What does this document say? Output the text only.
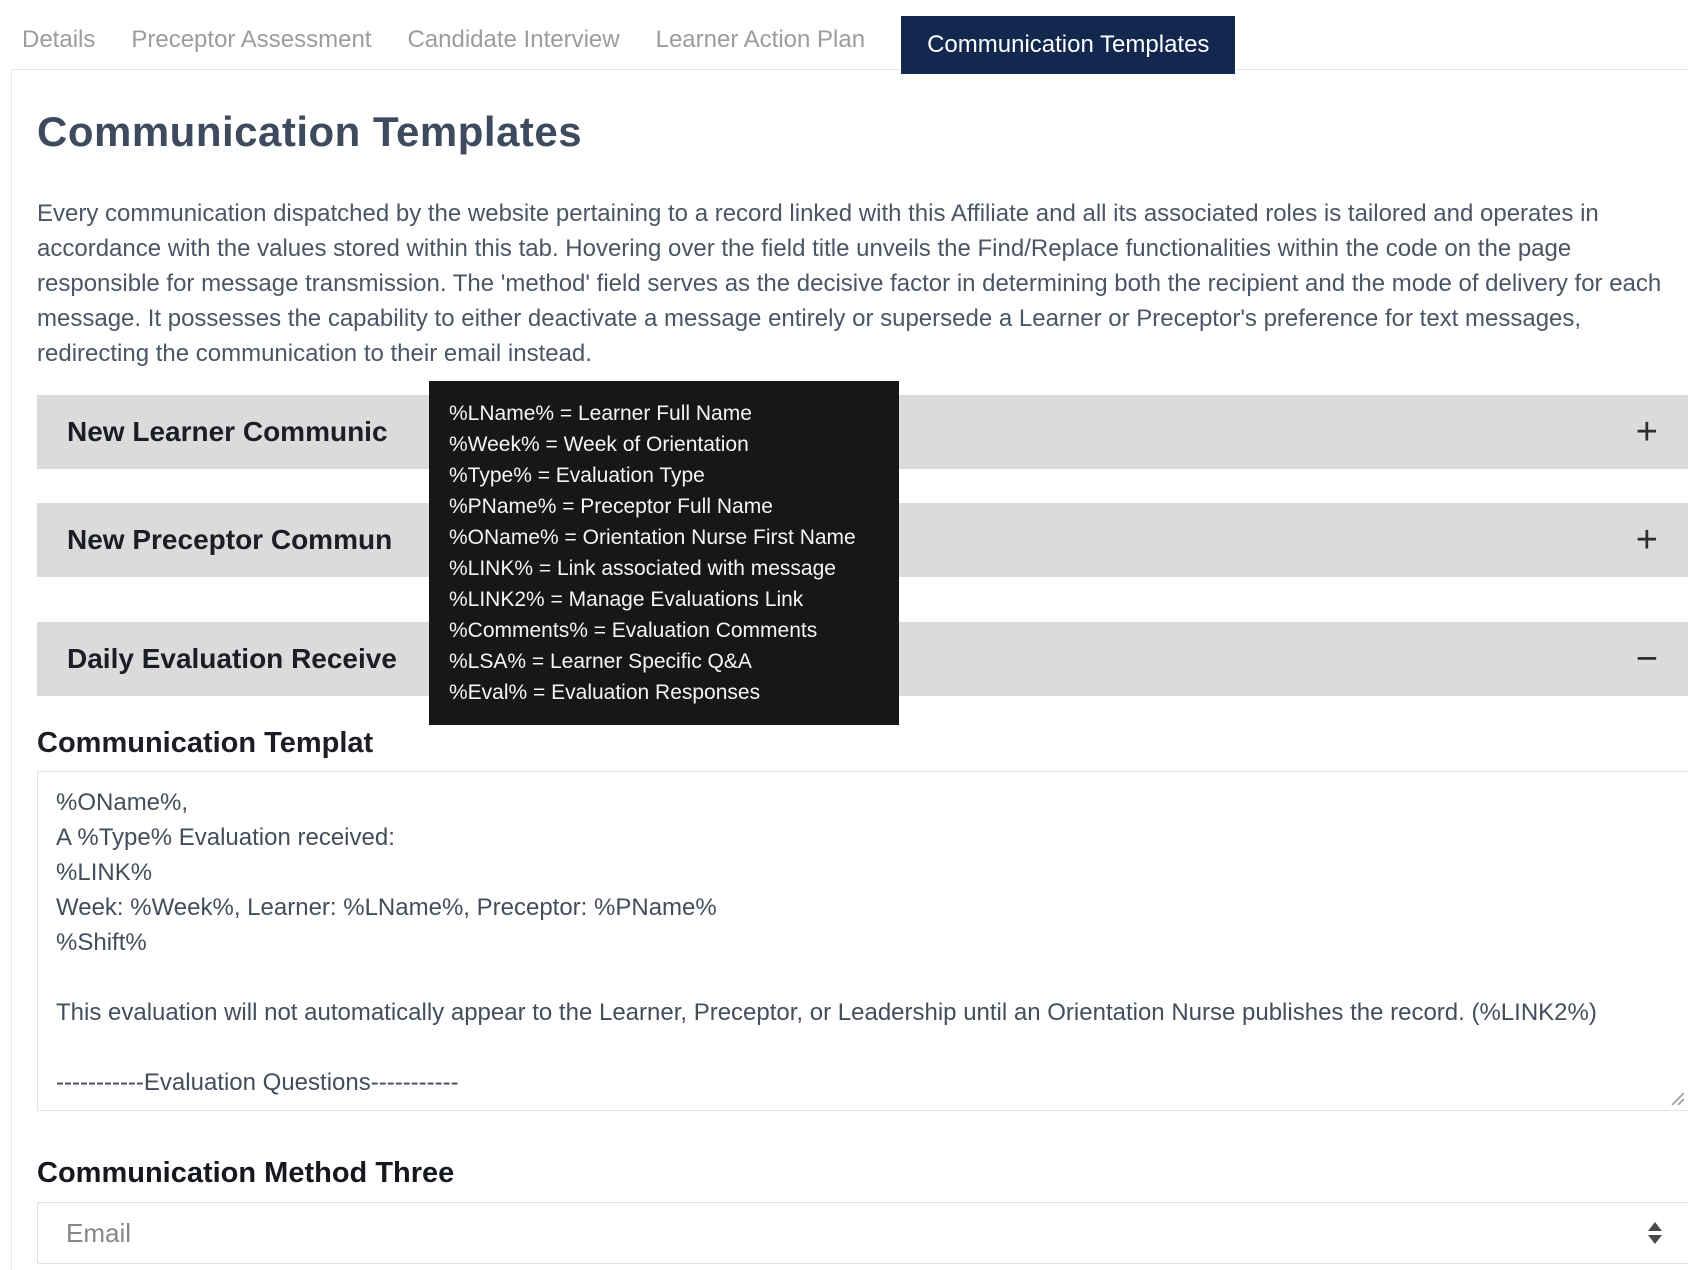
Details Preceptor Assessment Candidate Interview Learner Action Plan	Communication Templates
Communication Templates

Every communication dispatched by the website pertaining to a record linked with this Affiliate and all its associated roles is tailored and operates in accordance with the values stored within this tab. Hovering over the field title unveils the Find/Replace functionalities within the code on the page responsible for message transmission. The 'method' field serves as the decisive factor in determining both the recipient and the mode of delivery for each message. It possesses the capability to either deactivate a message entirely or supersede a Learner or Preceptor's preference for text messages, redirecting the communication to their email instead.

New Learner Communic	+
New Preceptor Commun	+
Daily Evaluation Receive	−
%LName% = Learner Full Name
%Week% = Week of Orientation
%Type% = Evaluation Type
%PName% = Preceptor Full Name
%OName% = Orientation Nurse First Name
%LINK% = Link associated with message
%LINK2% = Manage Evaluations Link
%Comments% = Evaluation Comments
%LSA% = Learner Specific Q&A
%Eval% = Evaluation Responses
Communication Templat
%OName%, A %Type% Evaluation received: %LINK% Week: %Week%, Learner: %LName%, Preceptor: %PName% %Shift% This evaluation will not automatically appear to the Learner, Preceptor, or Leadership until an Orientation Nurse publishes the record. (%LINK2%) -----------Evaluation Questions-----------
Communication Method Three
Email
